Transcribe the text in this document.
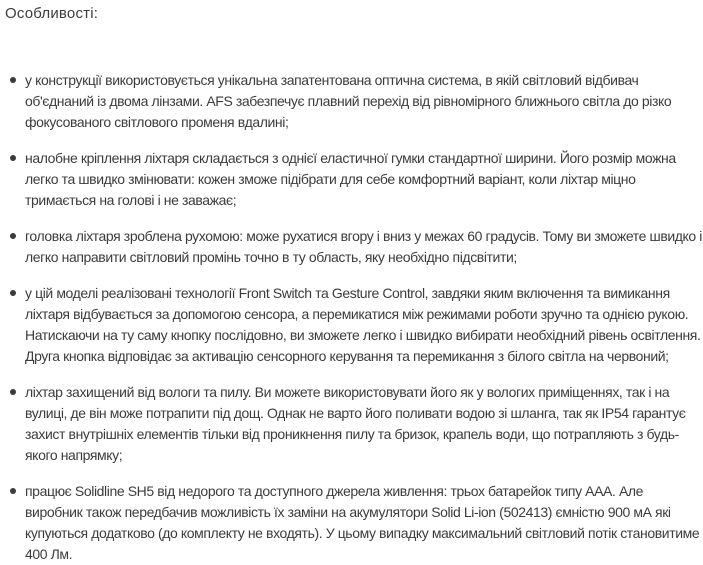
Особливості:
у конструкції використовується унікальна запатентована оптична система, в якій світловий відбивач об'єднаний із двома лінзами. AFS забезпечує плавний перехід від рівномірного ближнього світла до різко фокусованого світлового променя вдалині;
налобне кріплення ліхтаря складається з однієї еластичної гумки стандартної ширини. Його розмір можна легко та швидко змінювати: кожен зможе підібрати для себе комфортний варіант, коли ліхтар міцно тримається на голові і не заважає;
головка ліхтаря зроблена рухомою: може рухатися вгору і вниз у межах 60 градусів. Тому ви зможете швидко і легко направити світловий промінь точно в ту область, яку необхідно підсвітити;
у цій моделі реалізовані технології Front Switch та Gesture Control, завдяки яким включення та вимикання ліхтаря відбувається за допомогою сенсора, а перемикатися між режимами роботи зручно та однією рукою. Натискаючи на ту саму кнопку послідовно, ви зможете легко і швидко вибирати необхідний рівень освітлення. Друга кнопка відповідає за активацію сенсорного керування та перемикання з білого світла на червоний;
ліхтар захищений від вологи та пилу. Ви можете використовувати його як у вологих приміщеннях, так і на вулиці, де він може потрапити під дощ. Однак не варто його поливати водою зі шланга, так як IP54 гарантує захист внутрішніх елементів тільки від проникнення пилу та бризок, крапель води, що потрапляють з будь-якого напрямку;
працює Solidline SH5 від недорого та доступного джерела живлення: трьох батарейок типу AAA. Але виробник також передбачив можливість їх заміни на акумулятори Solid Li-ion (502413) ємністю 900 мА які купуються додатково (до комплекту не входять). У цьому випадку максимальний світловий потік становитиме 400 Лм.
